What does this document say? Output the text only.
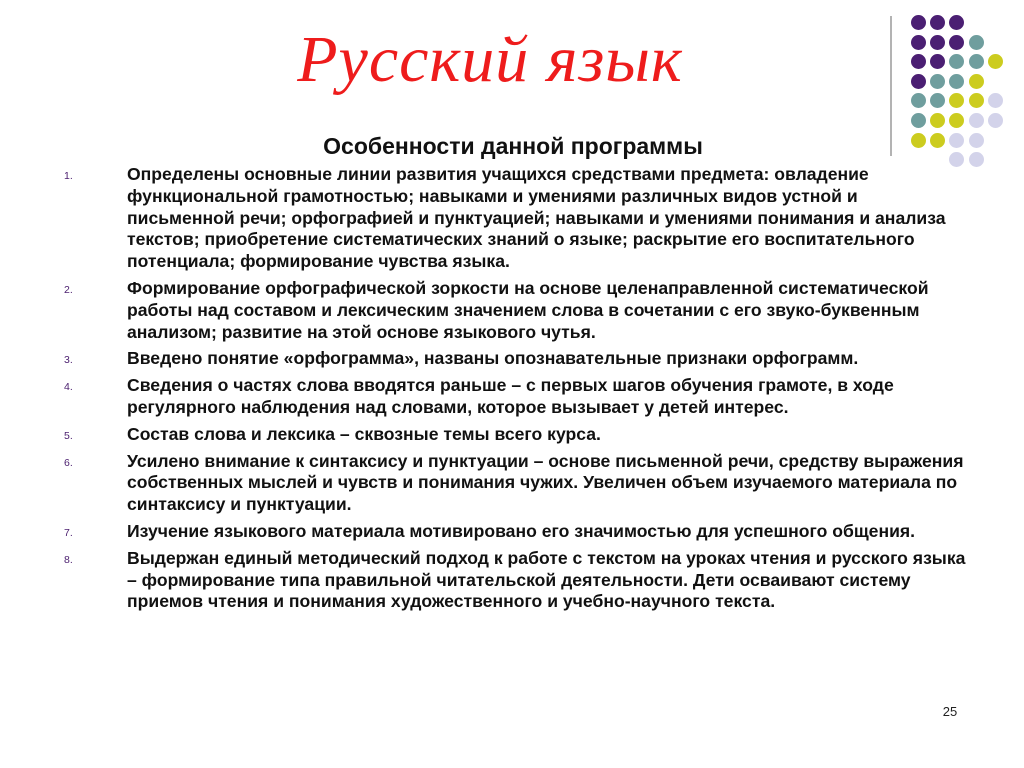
Русский язык
Особенности данной программы
1.	Определены основные линии развития учащихся средствами предмета: овладение функциональной грамотностью; навыками и умениями различных видов устной и письменной речи; орфографией и пунктуацией; навыками и умениями понимания и анализа текстов; приобретение систематических знаний о языке; раскрытие его воспитательного потенциала; формирование чувства языка.
2.	Формирование орфографической зоркости на основе целенаправленной систематической работы над составом и лексическим значением слова в сочетании с его звуко-буквенным анализом; развитие на этой основе языкового чутья.
3.	Введено понятие «орфограмма», названы опознавательные признаки орфограмм.
4.	Сведения о частях слова вводятся раньше – с первых шагов обучения грамоте, в ходе регулярного наблюдения над словами, которое вызывает у детей интерес.
5.	Состав слова и лексика – сквозные темы всего курса.
6.	Усилено внимание к синтаксису и пунктуации – основе письменной речи, средству выражения собственных мыслей и чувств и понимания чужих. Увеличен объем изучаемого материала по синтаксису и пунктуации.
7.	Изучение языкового материала мотивировано его значимостью для успешного общения.
8.	Выдержан единый методический подход к работе с текстом на уроках чтения и русского языка – формирование типа правильной читательской деятельности. Дети осваивают систему приемов чтения и понимания художественного и учебно-научного текста.
25
